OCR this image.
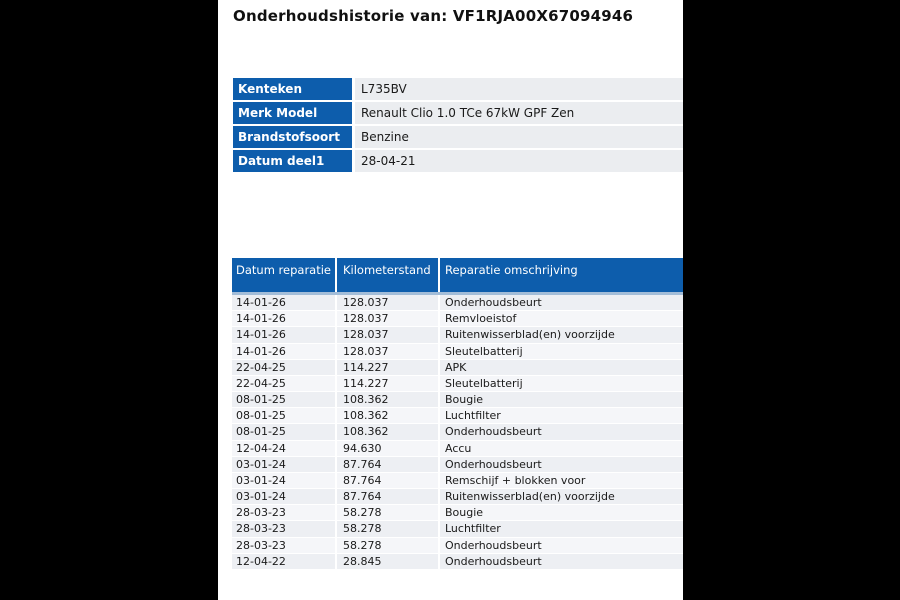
Onderhoudshistorie van: VF1RJA00X67094946
Kenteken	L735BV
Merk Model	Renault Clio 1.0 TCe 67kW GPF Zen
Brandstofsoort	Benzine
Datum deel1	28-04-21
Datum reparatie	Kilometerstand	Reparatie omschrijving
14-01-26	128.037	Onderhoudsbeurt
14-01-26	128.037	Remvloeistof
14-01-26	128.037	Ruitenwisserblad(en) voorzijde
14-01-26	128.037	Sleutelbatterij
22-04-25	114.227	APK
22-04-25	114.227	Sleutelbatterij
08-01-25	108.362	Bougie
08-01-25	108.362	Luchtfilter
08-01-25	108.362	Onderhoudsbeurt
12-04-24	94.630	Accu
03-01-24	87.764	Onderhoudsbeurt
03-01-24	87.764	Remschijf + blokken voor
03-01-24	87.764	Ruitenwisserblad(en) voorzijde
28-03-23	58.278	Bougie
28-03-23	58.278	Luchtfilter
28-03-23	58.278	Onderhoudsbeurt
12-04-22	28.845	Onderhoudsbeurt
